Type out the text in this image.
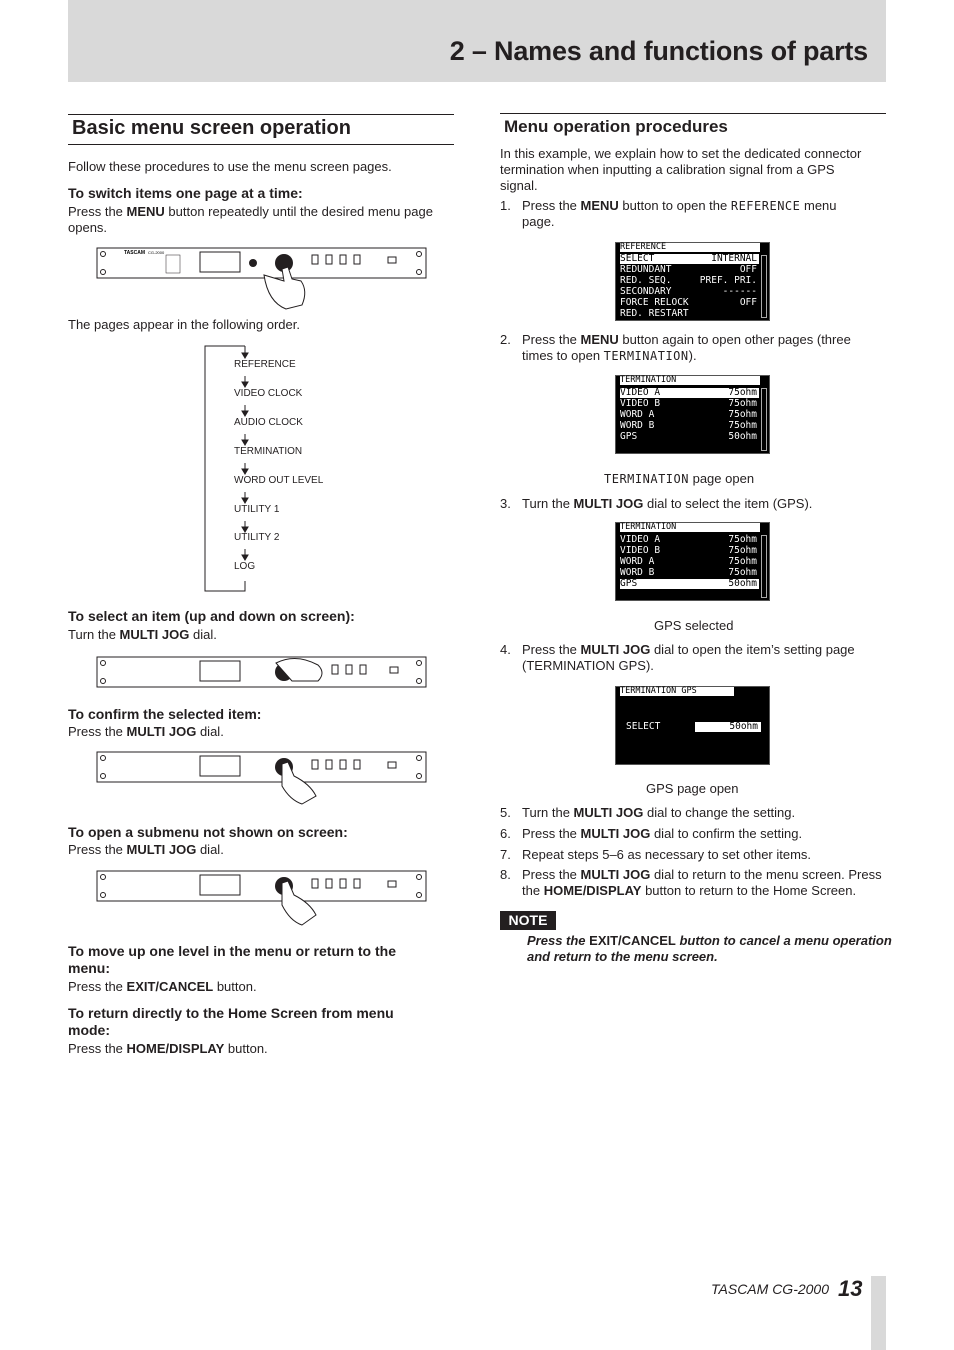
2 – Names and functions of parts
Basic menu screen operation
Follow these procedures to use the menu screen pages.
To switch items one page at a time:
Press the MENU button repeatedly until the desired menu page opens.
TASCAM CG-2000
The pages appear in the following order.
REFERENCE
VIDEO CLOCK
AUDIO CLOCK
TERMINATION
WORD OUT LEVEL
UTILITY 1
UTILITY 2
LOG
To select an item (up and down on screen):
Turn the MULTI JOG dial.
To confirm the selected item:
Press the MULTI JOG dial.
To open a submenu not shown on screen:
Press the MULTI JOG dial.
To move up one level in the menu or return to the
menu:
Press the EXIT/CANCEL button.
To return directly to the Home Screen from menu
mode:
Press the HOME/DISPLAY button.
Menu operation procedures
In this example, we explain how to set the dedicated connector
termination when inputting a calibration signal from a GPS
signal.
1. Press the MENU button to open the REFERENCE menu
page.
REFERENCE
SELECT	INTERNAL
REDUNDANT	OFF
RED. SEQ.	PREF. PRI.
SECONDARY	------
FORCE RELOCK	OFF
RED. RESTART
2. Press the MENU button again to open other pages (three
times to open TERMINATION).
TERMINATION
VIDEO A	75ohm
VIDEO B	75ohm
WORD A	75ohm
WORD B	75ohm
GPS	50ohm
TERMINATION page open
3. Turn the MULTI JOG dial to select the item (GPS).
TERMINATION
VIDEO A	75ohm
VIDEO B	75ohm
WORD A	75ohm
WORD B	75ohm
GPS	50ohm
GPS selected
4. Press the MULTI JOG dial to open the item’s setting page
(TERMINATION GPS).
TERMINATION GPS
SELECT	50ohm
GPS page open
5. Turn the MULTI JOG dial to change the setting.
6. Press the MULTI JOG dial to confirm the setting.
7. Repeat steps 5–6 as necessary to set other items.
8. Press the MULTI JOG dial to return to the menu screen. Press
the HOME/DISPLAY button to return to the Home Screen.
NOTE
Press the EXIT/CANCEL button to cancel a menu operation
and return to the menu screen.
TASCAM CG-2000 13
